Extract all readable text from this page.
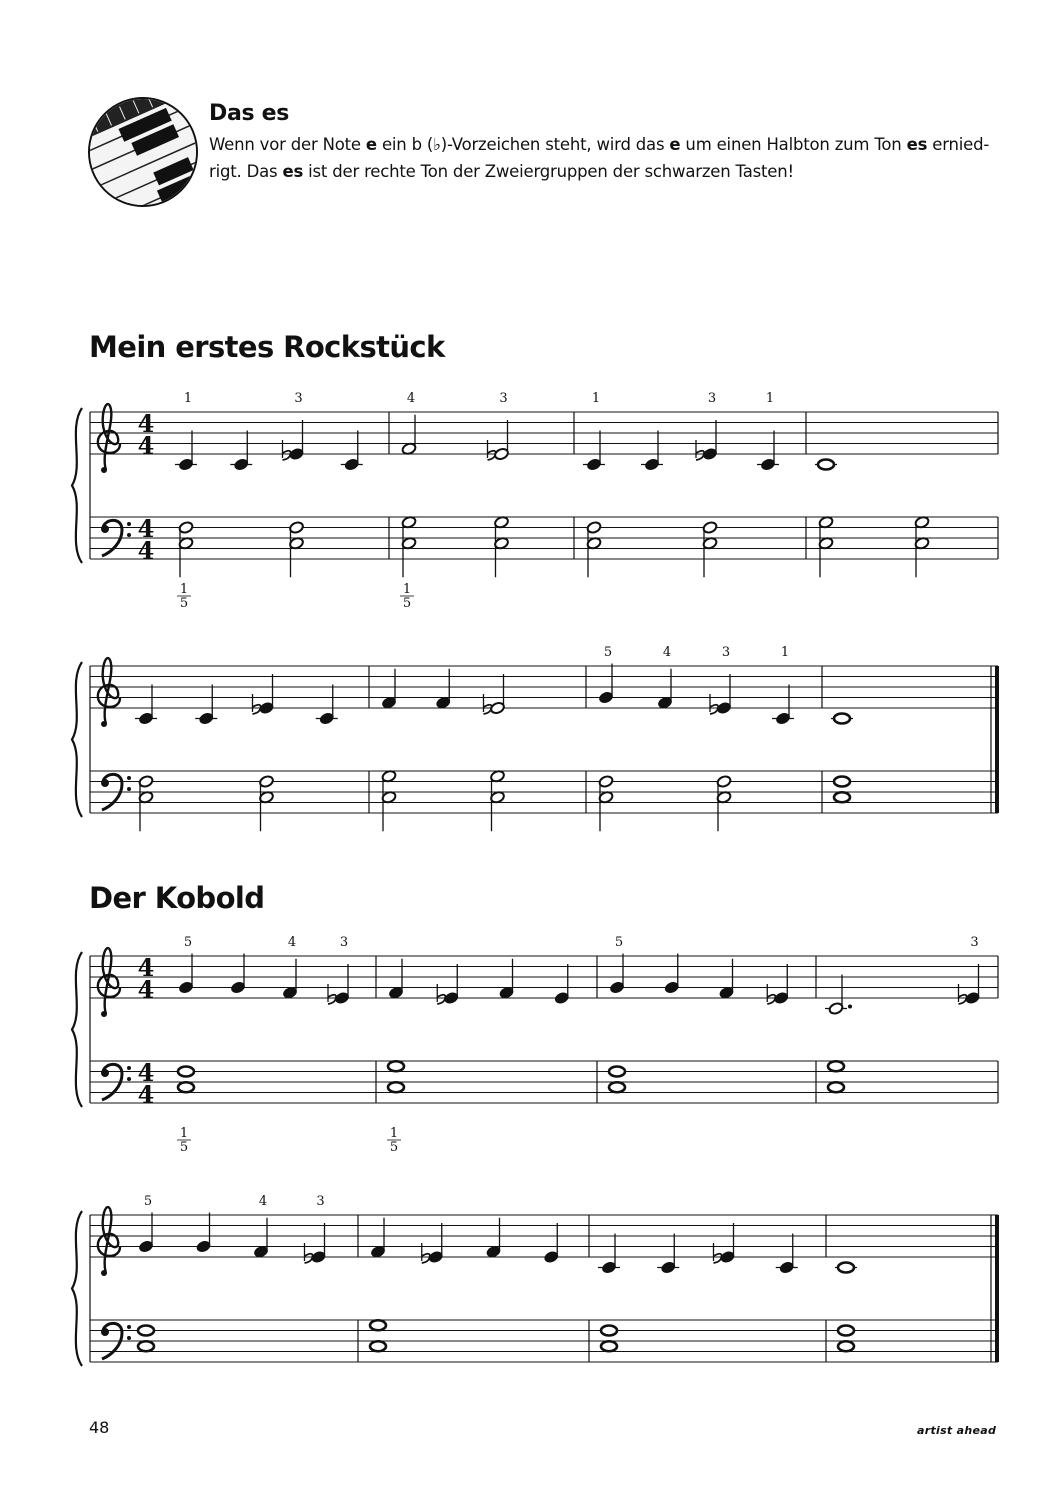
Das es
Wenn vor der Note e ein b (♭)-Vorzeichen steht, wird das e um einen Halbton zum Ton es ernied-rigt. Das es ist der rechte Ton der Zweiergruppen der schwarzen Tasten!
Mein erstes Rockstück
Der Kobold
4
4
4
4
1	3
1
5
4	3
1
5
1	3	1
5	4	3	1
4
4
4
4
5	4	3
1
5
1
5
5	3
5	4	3
48	artist ahead
